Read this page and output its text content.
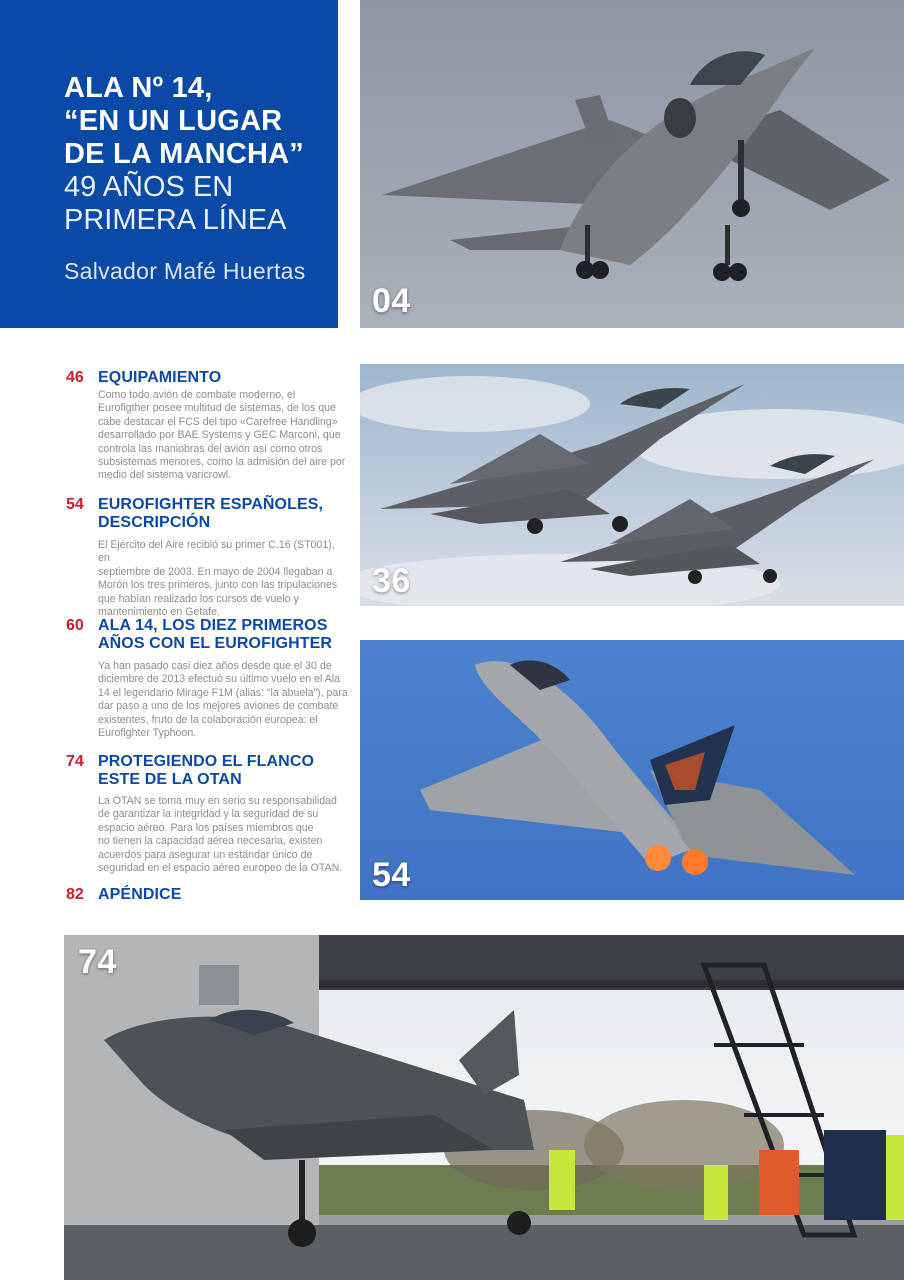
ALA Nº 14,
“EN UN LUGAR
DE LA MANCHA”
49 AÑOS EN
PRIMERA LÍNEA
Salvador Mafé Huertas
04
36
54
74
46 EQUIPAMIENTO
Como todo avión de combate moderno, el
Eurofigther posee multitud de sistemas, de los que
cabe destacar el FCS del tipo «Carefree Handling»
desarrollado por BAE Systems y GEC Marconi, que
controla las maniobras del avión así como otros
subsistemas menores, como la admisión del aire por
medio del sistema varicrowl.
54 EUROFIGHTER ESPAÑOLES,
DESCRIPCIÓN
El Ejército del Aire recibió su primer C.16 (ST001), en
septiembre de 2003. En mayo de 2004 llegaban a
Morón los tres primeros, junto con las tripulaciones
que habían realizado los cursos de vuelo y
mantenimiento en Getafe.
60 ALA 14, LOS DIEZ PRIMEROS
AÑOS CON EL EUROFIGHTER
Ya han pasado casi diez años desde que el 30 de
diciembre de 2013 efectuó su último vuelo en el Ala
14 el legendario Mirage F1M (alias: “la abuela”), para
dar paso a uno de los mejores aviones de combate
existentes, fruto de la colaboración europea: el
Eurofighter Typhoon.
74 PROTEGIENDO EL FLANCO
ESTE DE LA OTAN
La OTAN se toma muy en serio su responsabilidad
de garantizar la integridad y la seguridad de su
espacio aéreo. Para los países miembros que
no tienen la capacidad aérea necesaria, existen
acuerdos para asegurar un estándar único de
seguridad en el espacio aéreo europeo de la OTAN.
82 APÉNDICE
